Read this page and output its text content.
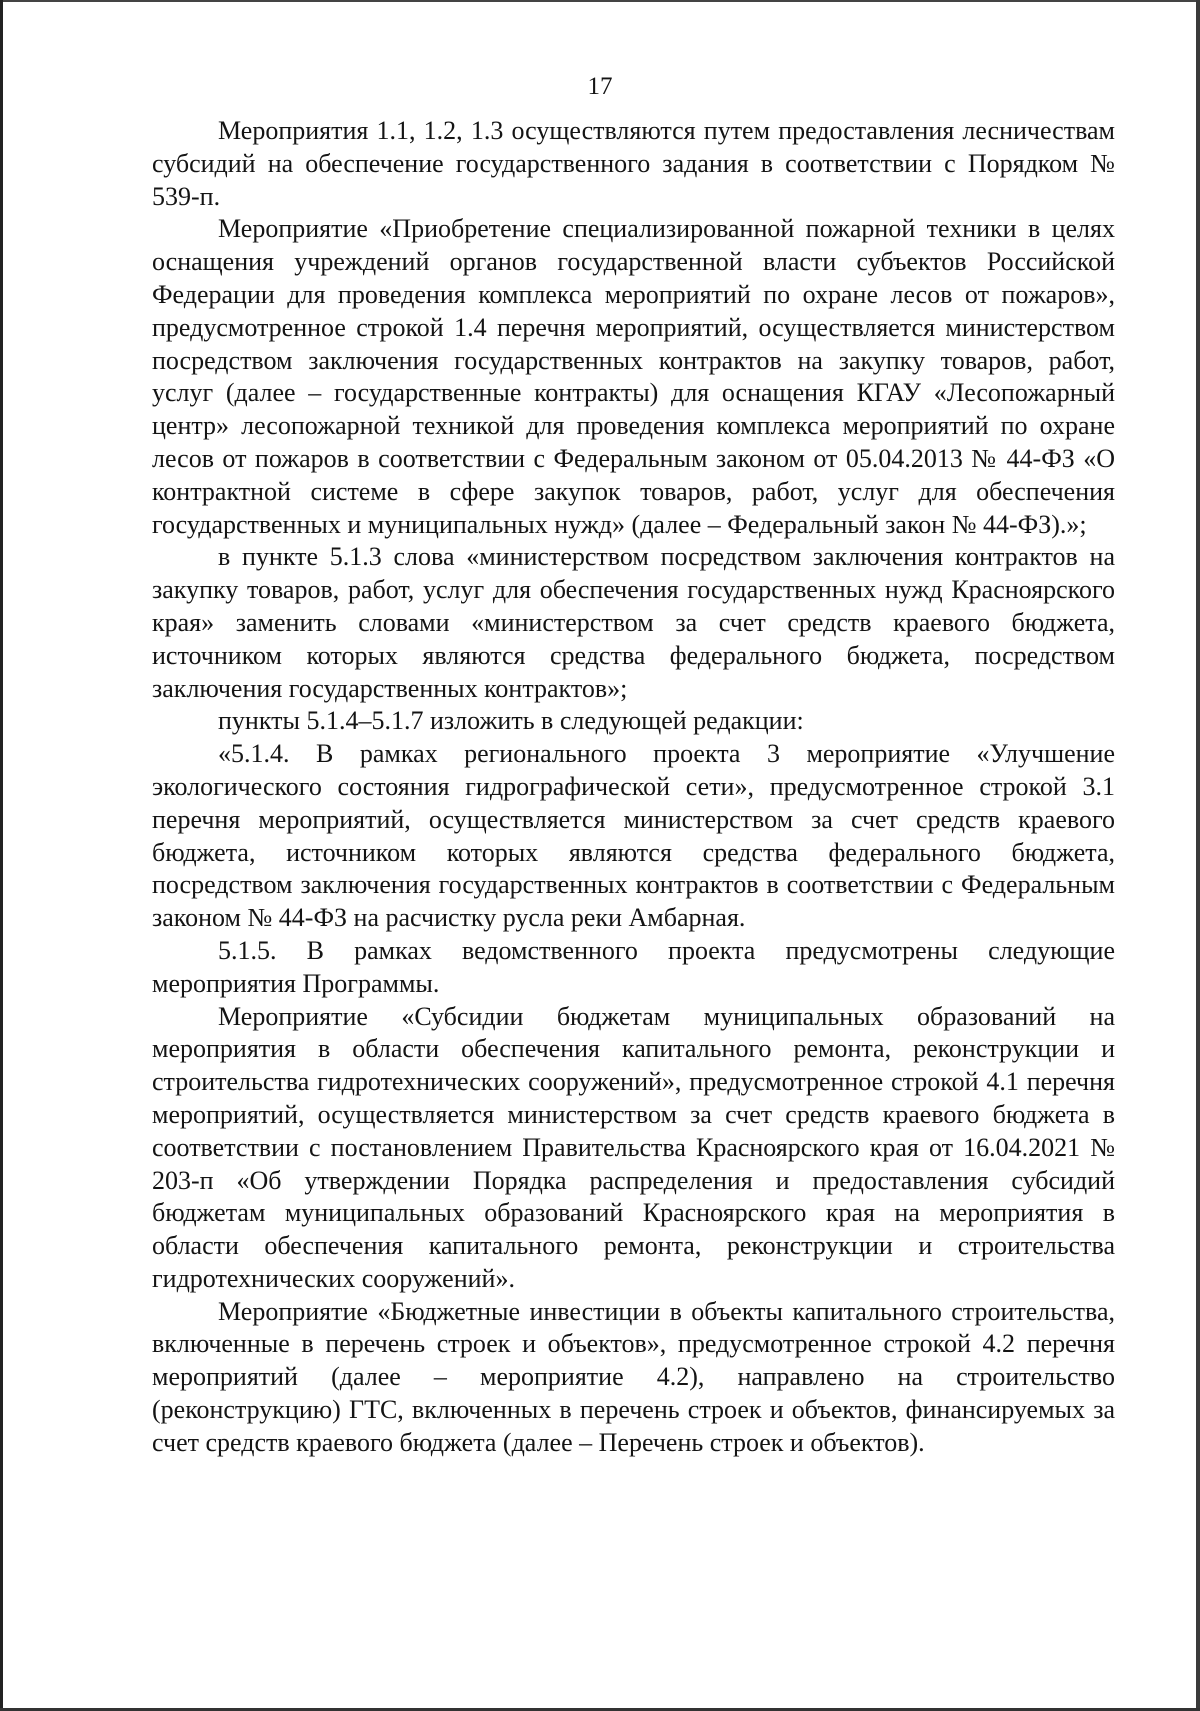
17

Мероприятия 1.1, 1.2, 1.3 осуществляются путем предоставления лесничествам субсидий на обеспечение государственного задания в соответствии с Порядком № 539-п.

Мероприятие «Приобретение специализированной пожарной техники в целях оснащения учреждений органов государственной власти субъектов Российской Федерации для проведения комплекса мероприятий по охране лесов от пожаров», предусмотренное строкой 1.4 перечня мероприятий, осуществляется министерством посредством заключения государственных контрактов на закупку товаров, работ, услуг (далее – государственные контракты) для оснащения КГАУ «Лесопожарный центр» лесопожарной техникой для проведения комплекса мероприятий по охране лесов от пожаров в соответствии с Федеральным законом от 05.04.2013 № 44-ФЗ «О контрактной системе в сфере закупок товаров, работ, услуг для обеспечения государственных и муниципальных нужд» (далее – Федеральный закон № 44-ФЗ).»;

в пункте 5.1.3 слова «министерством посредством заключения контрактов на закупку товаров, работ, услуг для обеспечения государственных нужд Красноярского края» заменить словами «министерством за счет средств краевого бюджета, источником которых являются средства федерального бюджета, посредством заключения государственных контрактов»;

пункты 5.1.4–5.1.7 изложить в следующей редакции:

«5.1.4. В рамках регионального проекта 3 мероприятие «Улучшение экологического состояния гидрографической сети», предусмотренное строкой 3.1 перечня мероприятий, осуществляется министерством за счет средств краевого бюджета, источником которых являются средства федерального бюджета, посредством заключения государственных контрактов в соответствии с Федеральным законом № 44-ФЗ на расчистку русла реки Амбарная.

5.1.5. В рамках ведомственного проекта предусмотрены следующие мероприятия Программы.

Мероприятие «Субсидии бюджетам муниципальных образований на мероприятия в области обеспечения капитального ремонта, реконструкции и строительства гидротехнических сооружений», предусмотренное строкой 4.1 перечня мероприятий, осуществляется министерством за счет средств краевого бюджета в соответствии с постановлением Правительства Красноярского края от 16.04.2021 № 203-п «Об утверждении Порядка распределения и предоставления субсидий бюджетам муниципальных образований Красноярского края на мероприятия в области обеспечения капитального ремонта, реконструкции и строительства гидротехнических сооружений».

Мероприятие «Бюджетные инвестиции в объекты капитального строительства, включенные в перечень строек и объектов», предусмотренное строкой 4.2 перечня мероприятий (далее – мероприятие 4.2), направлено на строительство (реконструкцию) ГТС, включенных в перечень строек и объектов, финансируемых за счет средств краевого бюджета (далее – Перечень строек и объектов).
